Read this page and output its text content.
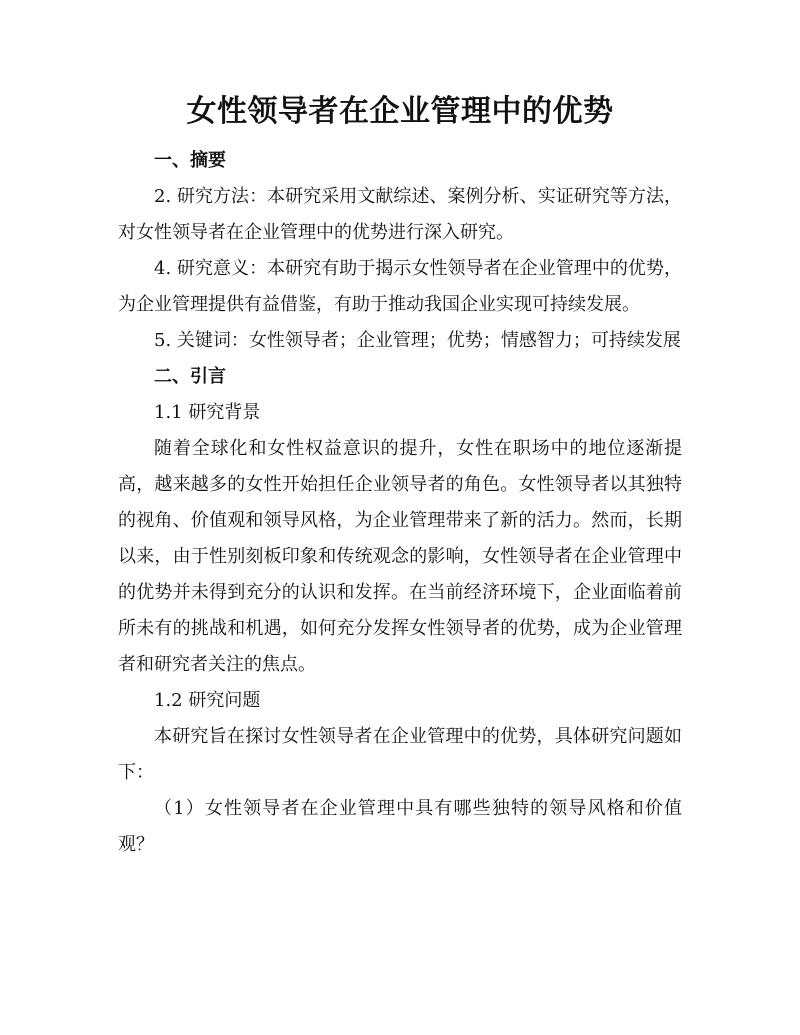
女性领导者在企业管理中的优势
一、摘要
2. 研究方法：本研究采用文献综述、案例分析、实证研究等方法，对女性领导者在企业管理中的优势进行深入研究。
4. 研究意义：本研究有助于揭示女性领导者在企业管理中的优势，为企业管理提供有益借鉴，有助于推动我国企业实现可持续发展。
5. 关键词：女性领导者；企业管理；优势；情感智力；可持续发展
二、引言
1.1 研究背景
随着全球化和女性权益意识的提升，女性在职场中的地位逐渐提高，越来越多的女性开始担任企业领导者的角色。女性领导者以其独特的视角、价值观和领导风格，为企业管理带来了新的活力。然而，长期以来，由于性别刻板印象和传统观念的影响，女性领导者在企业管理中的优势并未得到充分的认识和发挥。在当前经济环境下，企业面临着前所未有的挑战和机遇，如何充分发挥女性领导者的优势，成为企业管理者和研究者关注的焦点。
1.2 研究问题
本研究旨在探讨女性领导者在企业管理中的优势，具体研究问题如下：
（1）女性领导者在企业管理中具有哪些独特的领导风格和价值观？
